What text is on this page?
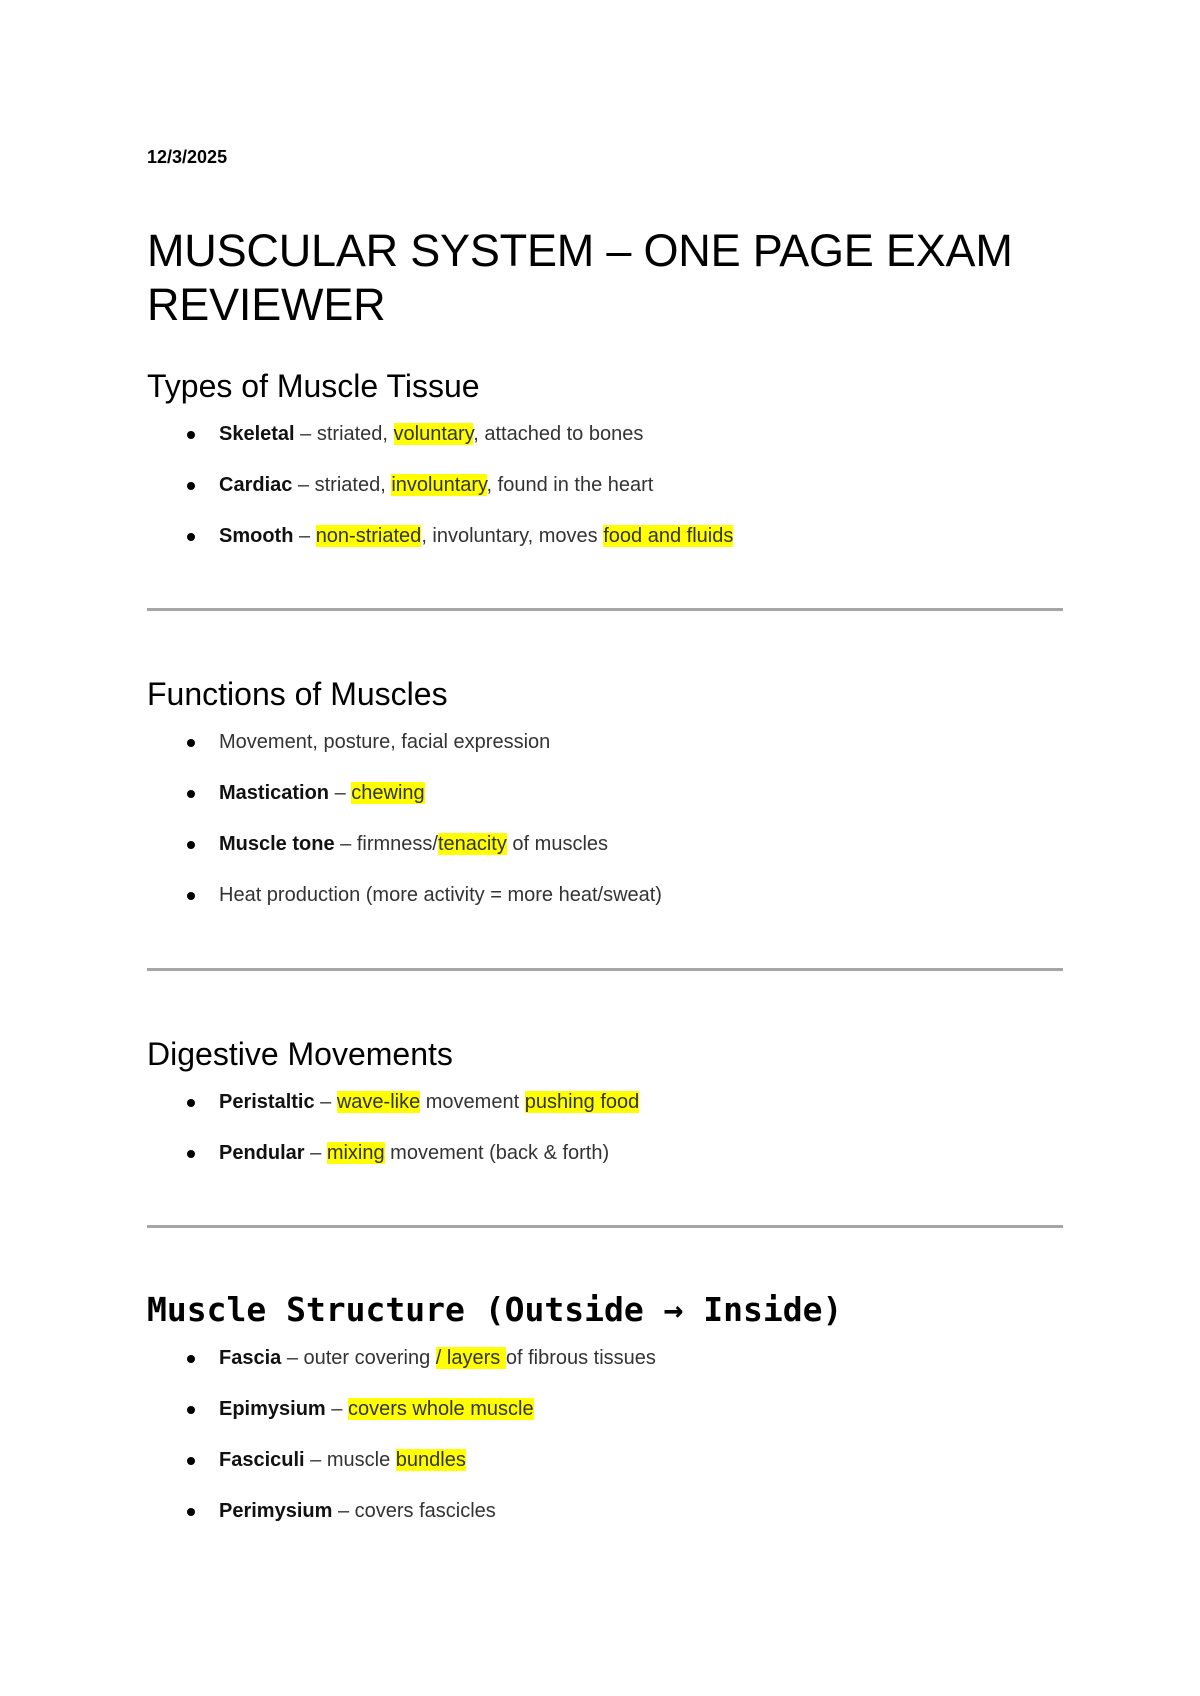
12/3/2025
MUSCULAR SYSTEM – ONE PAGE EXAM REVIEWER
Types of Muscle Tissue
Skeletal – striated, voluntary, attached to bones
Cardiac – striated, involuntary, found in the heart
Smooth – non-striated, involuntary, moves food and fluids
Functions of Muscles
Movement, posture, facial expression
Mastication – chewing
Muscle tone – firmness/tenacity of muscles
Heat production (more activity = more heat/sweat)
Digestive Movements
Peristaltic – wave-like movement pushing food
Pendular – mixing movement (back & forth)
Muscle Structure (Outside → Inside)
Fascia – outer covering / layers of fibrous tissues
Epimysium – covers whole muscle
Fasciculi – muscle bundles
Perimysium – covers fascicles
